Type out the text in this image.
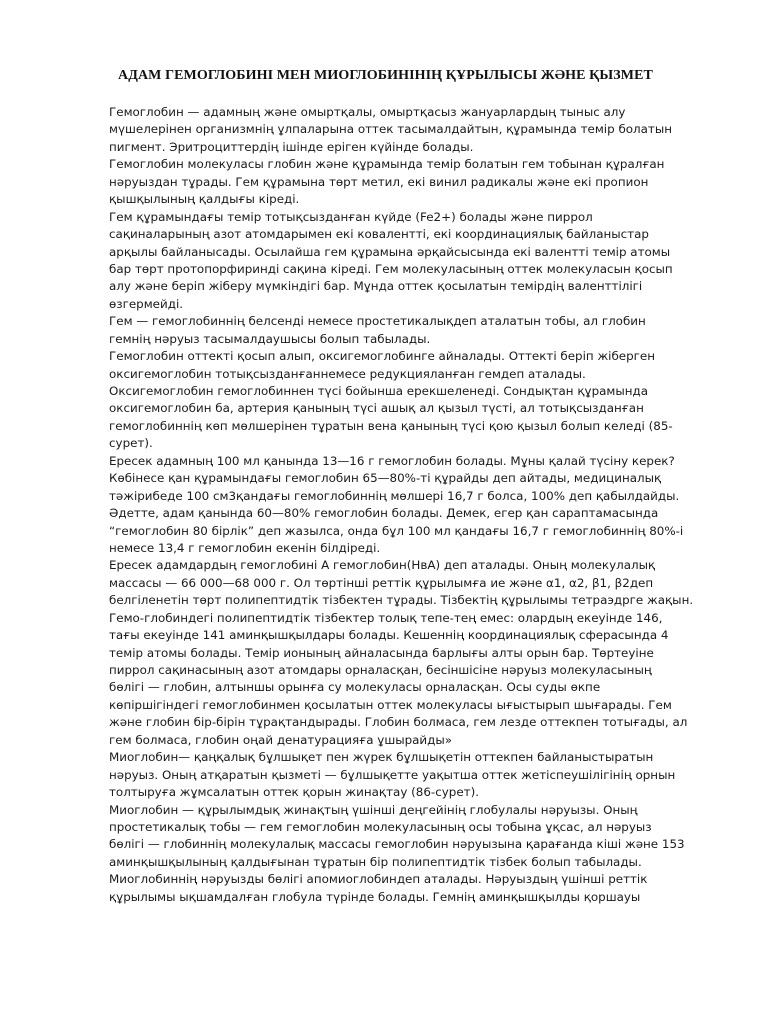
АДАМ ГЕМОГЛОБИНІ МЕН МИОГЛОБИНІНІҢ ҚҰРЫЛЫСЫ ЖӘНЕ ҚЫЗМЕТ
Гемоглобин — адамның және омыртқалы, омыртқасыз жануарлардың тыныс алу
мүшелерінен организмнің ұлпаларына оттек тасымалдайтын, құрамында темір болатын
пигмент. Эритроциттердің ішінде еріген күйінде болады.
Гемоглобин молекуласы глобин және құрамында темір болатын гем тобынан құралған
нәруыздан тұрады. Гем құрамына төрт метил, екі винил радикалы және екі пропион
қышқылының қалдығы кіреді.
Гем құрамындағы темір тотықсызданған күйде (Fe2+) болады және пиррол
сақиналарының азот атомдарымен екі ковалентті, екі координациялық байланыстар
арқылы байланысады. Осылайша гем құрамына әрқайсысында екі валентті темір атомы
бар төрт протопорфиринді сақина кіреді. Гем молекуласының оттек молекуласын қосып
алу және беріп жіберу мүмкіндігі бар. Мұнда оттек қосылатын темірдің валенттілігі
өзгермейді.
Гем — гемоглобиннің белсенді немесе простетикалықдеп аталатын тобы, ал глобин
гемнің нәруыз тасымалдаушысы болып табылады.
Гемоглобин оттекті қосып алып, оксигемоглобинге айналады. Оттекті беріп жіберген
оксигемоглобин тотықсызданғаннемесе редукцияланған гемдеп аталады.
Оксигемоглобин гемоглобиннен түсі бойынша ерекшеленеді. Сондықтан құрамында
оксигемоглобин ба, артерия қанының түсі ашық ал қызыл түсті, ал тотықсызданған
гемоглобиннің көп мөлшерінен тұратын вена қанының түсі қою қызыл болып келеді (85-
сурет).
Ересек адамның 100 мл қанында 13—16 г гемоглобин болады. Мұны қалай түсіну керек?
Көбінесе қан құрамындағы гемоглобин 65—80%-ті құрайды деп айтады, медициналық
тәжірибеде 100 см3қандағы гемоглобиннің мөлшері 16,7 г болса, 100% деп қабылдайды.
Әдетте, адам қанында 60—80% гемоглобин болады. Демек, егер қан сараптамасында
“гемоглобин 80 бірлік” деп жазылса, онда бұл 100 мл қандағы 16,7 г гемоглобиннің 80%-і
немесе 13,4 г гемоглобин екенін білдіреді.
Ересек адамдардың гемоглобині А гемоглобин(НвА) деп аталады. Оның молекулалық
массасы — 66 000—68 000 г. Ол төртінші реттік құрылымға ие және α1, α2, β1, β2деп
белгіленетін төрт полипептидтік тізбектен тұрады. Тізбектің құрылымы тетраэдрге жақын.
Гемо-глобиндегі полипептидтік тізбектер толық тепе-тең емес: олардың екеуінде 146,
тағы екеуінде 141 аминқышқылдары болады. Кешеннің координациялық сферасында 4
темір атомы болады. Темір ионының айналасында барлығы алты орын бар. Төртеуіне
пиррол сақинасының азот атомдары орналасқан, бесіншісіне нәруыз молекуласының
бөлігі — глобин, алтыншы орынға су молекуласы орналасқан. Осы суды өкпе
көпіршігіндегі гемоглобинмен қосылатын оттек молекуласы ығыстырып шығарады. Гем
және глобин бір-бірін тұрақтандырады. Глобин болмаса, гем лезде оттекпен тотығады, ал
гем болмаса, глобин оңай денатурацияға ұшырайды»
Миоглобин— қаңқалық бұлшықет пен жүрек бұлшықетін оттекпен байланыстыратын
нәруыз. Оның атқаратын қызметі — бұлшықетте уақытша оттек жетіспеушілігінің орнын
толтыруға жұмсалатын оттек қорын жинақтау (86-сурет).
Миоглобин — құрылымдық жинақтың үшінші деңгейінің глобулалы нәруызы. Оның
простетикалық тобы — гем гемоглобин молекуласының осы тобына ұқсас, ал нәруыз
бөлігі — глобиннің молекулалық массасы гемоглобин нәруызына қарағанда кіші және 153
аминқышқылының қалдығынан тұратын бір полипептидтік тізбек болып табылады.
Миоглобиннің нәруызды бөлігі апомиоглобиндеп аталады. Нәруыздың үшінші реттік
құрылымы ықшамдалған глобула түрінде болады. Гемнің аминқышқылды қоршауы
